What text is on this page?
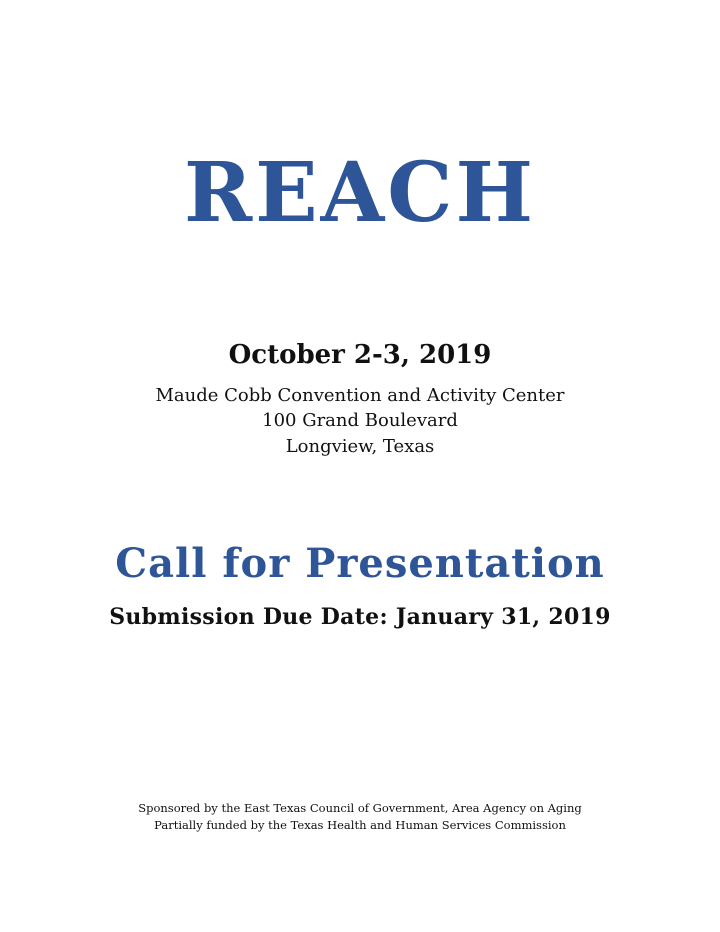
REACH
October 2-3, 2019
Maude Cobb Convention and Activity Center
100 Grand Boulevard
Longview, Texas
Call for Presentation
Submission Due Date: January 31, 2019
Sponsored by the East Texas Council of Government, Area Agency on Aging
Partially funded by the Texas Health and Human Services Commission
